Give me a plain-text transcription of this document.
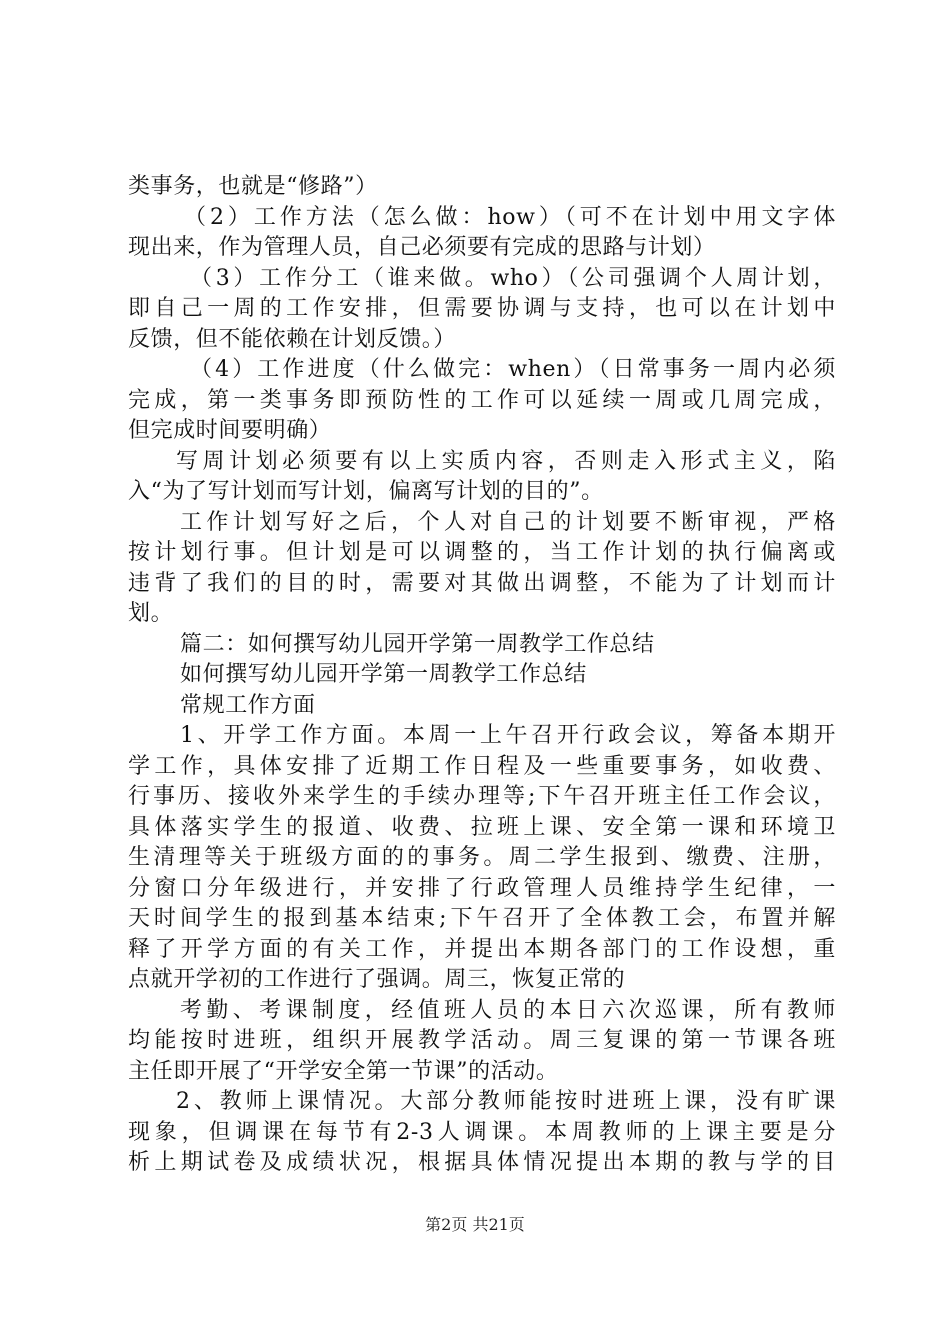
类事务，也就是“修路”）
（2）工作方法（怎么做：how）（可不在计划中用文字体
现出来，作为管理人员，自己必须要有完成的思路与计划）
（3）工作分工（谁来做。who）（公司强调个人周计划，
即自己一周的工作安排，但需要协调与支持，也可以在计划中
反馈，但不能依赖在计划反馈。）
（4）工作进度（什么做完：when）（日常事务一周内必须
完成，第一类事务即预防性的工作可以延续一周或几周完成，
但完成时间要明确）
写周计划必须要有以上实质内容，否则走入形式主义，陷
入“为了写计划而写计划，偏离写计划的目的”。
工作计划写好之后，个人对自己的计划要不断审视，严格
按计划行事。但计划是可以调整的，当工作计划的执行偏离或
违背了我们的目的时，需要对其做出调整，不能为了计划而计
划。
篇二：如何撰写幼儿园开学第一周教学工作总结
如何撰写幼儿园开学第一周教学工作总结
常规工作方面
1、开学工作方面。本周一上午召开行政会议，筹备本期开
学工作，具体安排了近期工作日程及一些重要事务，如收费、
行事历、接收外来学生的手续办理等;下午召开班主任工作会议，
具体落实学生的报道、收费、拉班上课、安全第一课和环境卫
生清理等关于班级方面的的事务。周二学生报到、缴费、注册，
分窗口分年级进行，并安排了行政管理人员维持学生纪律，一
天时间学生的报到基本结束;下午召开了全体教工会，布置并解
释了开学方面的有关工作，并提出本期各部门的工作设想，重
点就开学初的工作进行了强调。周三，恢复正常的
考勤、考课制度，经值班人员的本日六次巡课，所有教师
均能按时进班，组织开展教学活动。周三复课的第一节课各班
主任即开展了“开学安全第一节课”的活动。
2、教师上课情况。大部分教师能按时进班上课，没有旷课
现象，但调课在每节有2-3人调课。本周教师的上课主要是分
析上期试卷及成绩状况，根据具体情况提出本期的教与学的目
第2页 共21页
